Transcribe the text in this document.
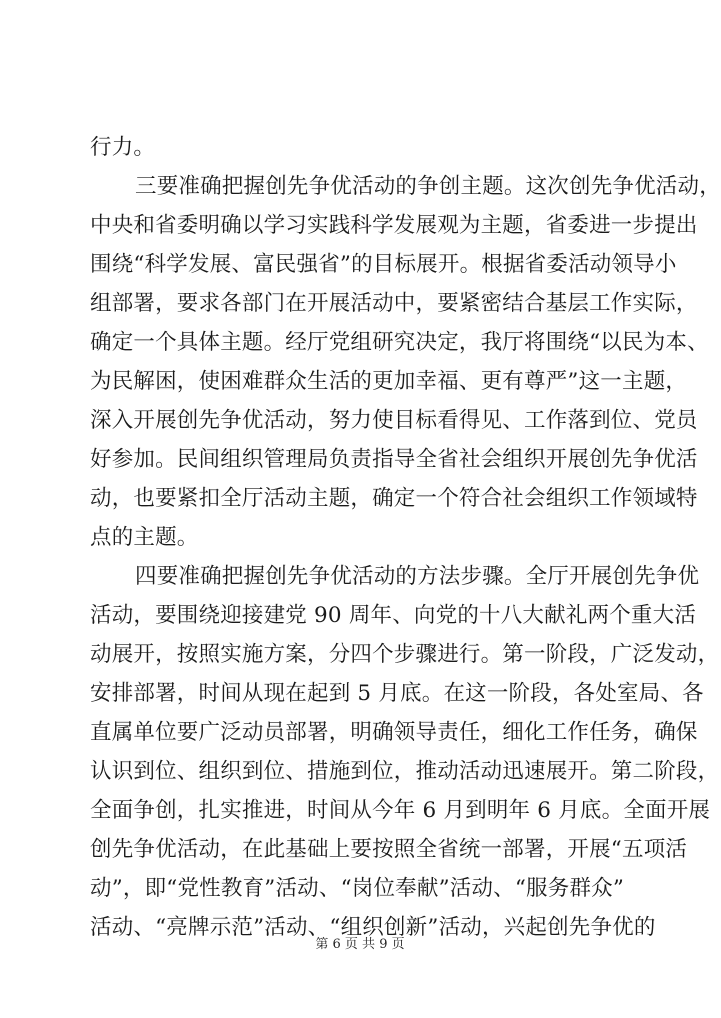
行力。
三要准确把握创先争优活动的争创主题。这次创先争优活动，
中央和省委明确以学习实践科学发展观为主题，省委进一步提出
围绕“科学发展、富民强省”的目标展开。根据省委活动领导小
组部署，要求各部门在开展活动中，要紧密结合基层工作实际，
确定一个具体主题。经厅党组研究决定，我厅将围绕“以民为本、
为民解困，使困难群众生活的更加幸福、更有尊严”这一主题，
深入开展创先争优活动，努力使目标看得见、工作落到位、党员
好参加。民间组织管理局负责指导全省社会组织开展创先争优活
动，也要紧扣全厅活动主题，确定一个符合社会组织工作领域特
点的主题。
四要准确把握创先争优活动的方法步骤。全厅开展创先争优
活动，要围绕迎接建党 90 周年、向党的十八大献礼两个重大活
动展开，按照实施方案，分四个步骤进行。第一阶段，广泛发动，
安排部署，时间从现在起到 5 月底。在这一阶段，各处室局、各
直属单位要广泛动员部署，明确领导责任，细化工作任务，确保
认识到位、组织到位、措施到位，推动活动迅速展开。第二阶段，
全面争创，扎实推进，时间从今年 6 月到明年 6 月底。全面开展
创先争优活动，在此基础上要按照全省统一部署，开展“五项活
动”，即“党性教育”活动、“岗位奉献”活动、“服务群众”
活动、“亮牌示范”活动、“组织创新”活动，兴起创先争优的
第 6 页 共 9 页
